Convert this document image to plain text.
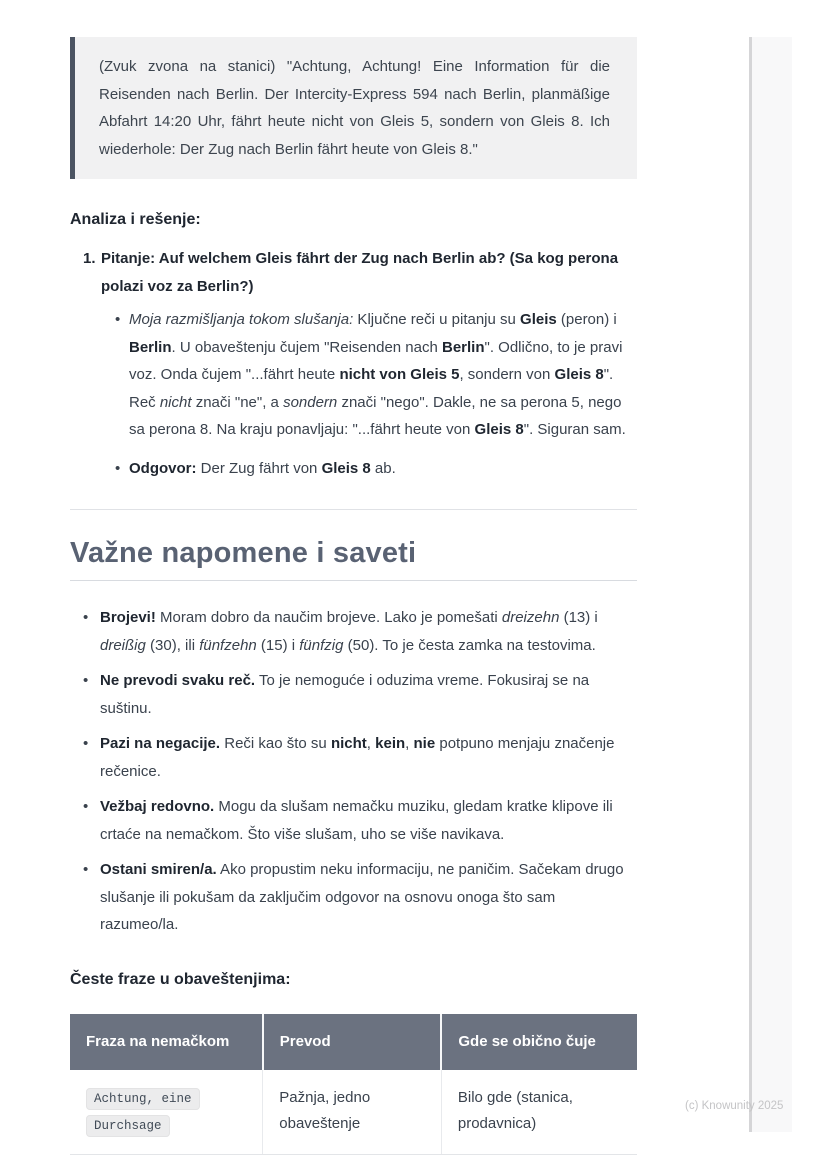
(Zvuk zvona na stanici) "Achtung, Achtung! Eine Information für die Reisenden nach Berlin. Der Intercity-Express 594 nach Berlin, planmäßige Abfahrt 14:20 Uhr, fährt heute nicht von Gleis 5, sondern von Gleis 8. Ich wiederhole: Der Zug nach Berlin fährt heute von Gleis 8."

Analiza i rešenje:
1. Pitanje: Auf welchem Gleis fährt der Zug nach Berlin ab? (Sa kog perona polazi voz za Berlin?)

• Moja razmišljanja tokom slušanja: Ključne reči u pitanju su Gleis (peron) i Berlin. U obaveštenju čujem "Reisenden nach Berlin". Odlično, to je pravi voz. Onda čujem "...fährt heute nicht von Gleis 5, sondern von Gleis 8". Reč nicht znači "ne", a sondern znači "nego". Dakle, ne sa perona 5, nego sa perona 8. Na kraju ponavljaju: "...fährt heute von Gleis 8". Siguran sam.
• Odgovor: Der Zug fährt von Gleis 8 ab.
Važne napomene i saveti
• Brojevi! Moram dobro da naučim brojeve. Lako je pomešati dreizehn (13) i dreißig (30), ili fünfzehn (15) i fünfzig (50). To je česta zamka na testovima.
• Ne prevodi svaku reč. To je nemoguće i oduzima vreme. Fokusiraj se na suštinu.
• Pazi na negacije. Reči kao što su nicht, kein, nie potpuno menjaju značenje rečenice.
• Vežbaj redovno. Mogu da slušam nemačku muziku, gledam kratke klipove ili crtaće na nemačkom. Što više slušam, uho se više navikava.
• Ostani smiren/a. Ako propustim neku informaciju, ne paničim. Sačekam drugo slušanje ili pokušam da zaključim odgovor na osnovu onoga što sam razumeo/la.
Česte fraze u obaveštenjima:
Fraza na nemačkom	Prevod	Gde se obično čuje
Achtung, eine Durchsage	Pažnja, jedno obaveštenje	Bilo gde (stanica, prodavnica)
(c) Knowunity 2025
